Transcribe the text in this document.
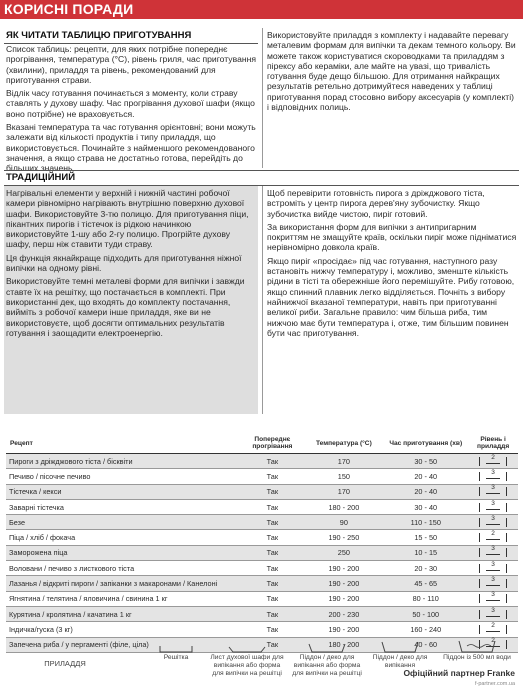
КОРИСНІ ПОРАДИ
ЯК ЧИТАТИ ТАБЛИЦЮ ПРИГОТУВАННЯ

Список таблиць: рецепти, для яких потрібне попереднє прогрівання, температура (°С), рівень гриля, час приготування (хвилини), приладдя та рівень, рекомендований для приготування страви.

Відлік часу готування починається з моменту, коли страву ставлять у духову шафу. Час прогрівання духової шафи (якщо воно потрібне) не враховується.

Вказані температура та час готування орієнтовні; вони можуть залежати від кількості продуктів і типу приладдя, що використовується. Починайте з найменшого рекомендованого значення, а якщо страва не достатньо готова, перейдіть до більших значень.

Використовуйте приладдя з комплекту і надавайте перевагу металевим формам для випічки та декам темного кольору. Ви можете також користуватися скороводками та приладдям з пірексу або кераміки, але майте на увазі, що тривалість готування буде дещо більшою. Для отримання найкращих результатів ретельно дотримуйтеся наведених у таблиці приготування порад стосовно вибору аксесуарів (у комплекті) і відповідних полиць.

ТРАДИЦІЙНИЙ

Нагрівальні елементи у верхній і нижній частині робочої камери рівномірно нагрівають внутрішню поверхню духової шафи. Використовуйте 3-тю полицю. Для приготування піци, пікантних пирогів і тістечок із рідкою начинкою використовуйте 1-шу або 2-гу полицю. Прогрійте духову шафу, перш ніж ставити туди страву.

Ця функція якнайкраще підходить для приготування ніжної випічки на одному рівні.

Використовуйте темні металеві форми для випічки і завжди ставте їх на решітку, що постачається в комплекті. При використанні дек, що входять до комплекту постачання, вийміть з робочої камери інше приладдя, яке ви не використовуєте, щоб досягти оптимальних результатів готування і заощадити електроенергію.

Щоб перевірити готовність пирога з дріжджового тіста, встроміть у центр пирога дерев'яну зубочистку. Якщо зубочистка вийде чистою, пиріг готовий.

За використання форм для випічки з антипригарним покриттям не змащуйте країв, оскільки пиріг може підніматися нерівномірно довкола країв.

Якщо пиріг «просідає» під час готування, наступного разу встановіть нижчу температуру і, можливо, зменште кількість рідини в тісті та обережніше його перемішуйте. Рибу готовою, якщо спинний плавник легко відділяється. Почніть з вибору найнижчої вказаної температури, навіть при приготуванні великої риби. Загальне правило: чим більша риба, тим нижчою має бути температура і, отже, тим більшим повинен бути час приготування.

Рецепт	Попереднє прогрівання	Температура (°С)	Час приготування (хв)	Рівень і приладдя
Пироги з дріжджового тіста / бісквіти	Так	170	30 - 50	2

Печиво / пісочне печиво	Так	150	20 - 40	3

Тістечка / кекси	Так	170	20 - 40	3

Заварні тістечка	Так	180 - 200	30 - 40	3

Безе	Так	90	110 - 150	3

Піца / хліб / фокача	Так	190 - 250	15 - 50	2

Заморожена піца	Так	250	10 - 15	3

Воловани / печиво з листкового тіста	Так	190 - 200	20 - 30	3

Лазанья / відкриті пироги / запіканки з макаронами / Канелоні	Так	190 - 200	45 - 65	3

Ягнятина / телятина / яловичина / свинина 1 кг	Так	190 - 200	80 - 110	3

Курятина / кролятина / качатина 1 кг	Так	200 - 230	50 - 100	3

Індичка/гуска (3 кг)	Так	190 - 200	160 - 240	2

Запечена риба / у пергаменті (філе, ціла)	Так	180 - 200	40 - 60	2
ПРИЛАДДЯ
Решітка	Лист духової шафи для випікання або форма для випічки на решітці
Піддон / деко для випікання або форма для випічки на решітці
Піддон / деко для випікання
Піддон із 500 мл води
Офіційний партнер Franke
f-partner.com.ua
